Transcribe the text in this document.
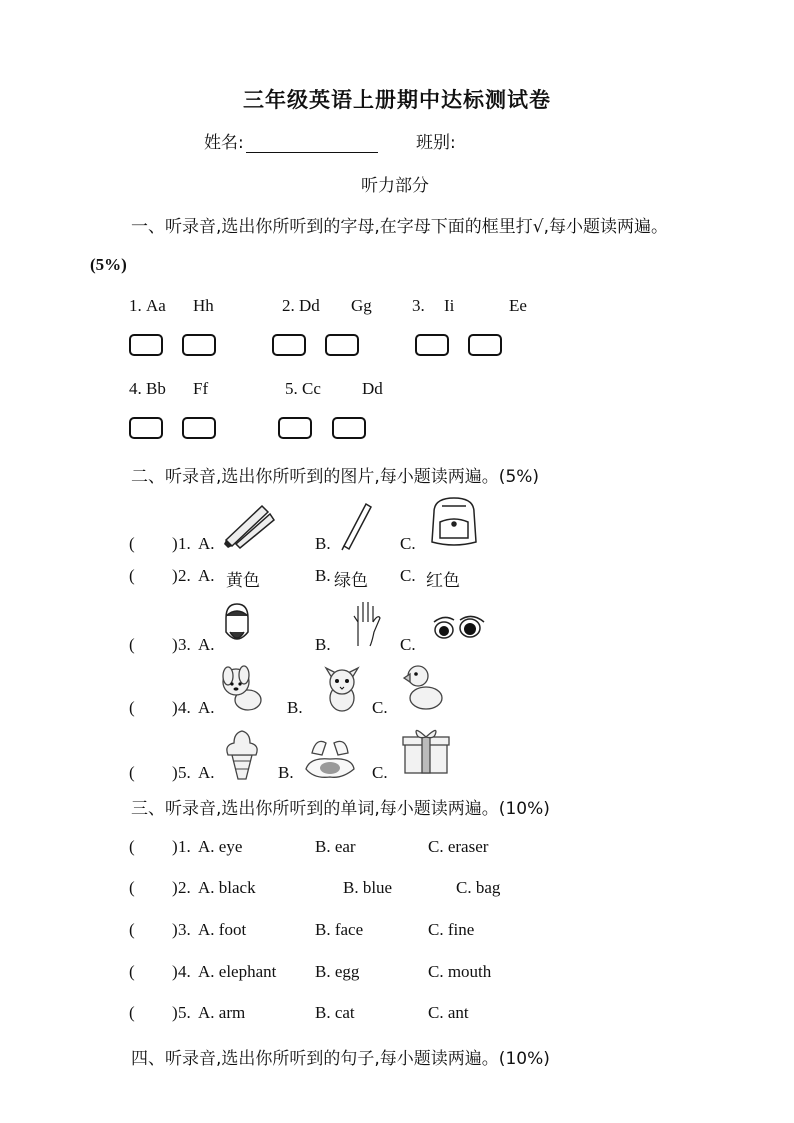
三年级英语上册期中达标测试卷
姓名:	班别:
听力部分
一、听录音,选出你所听到的字母,在字母下面的框里打√,每小题读两遍。
(5%)
1. Aa Hh	2. Dd Gg 3. Ii	Ee
4. Bb Ff	5. Cc Dd
二、听录音,选出你所听到的图片,每小题读两遍。(5%)
( ) 1. A.	B.	C.
( ) 2. A. 黄色	B. 绿色 C. 红色
( ) 3. A.	B.	C.
( ) 4. A.	B.	C.
( ) 5. A.	B.	C.
三、听录音,选出你所听到的单词,每小题读两遍。(10%)
( ) 1. A. eye	B. ear	C. eraser
( ) 2. A. black	B. blue	C. bag
( ) 3. A. foot	B. face	C. fine
( ) 4. A. elephant B. egg	C. mouth
( ) 5. A. arm	B. cat	C. ant
四、听录音,选出你所听到的句子,每小题读两遍。(10%)
